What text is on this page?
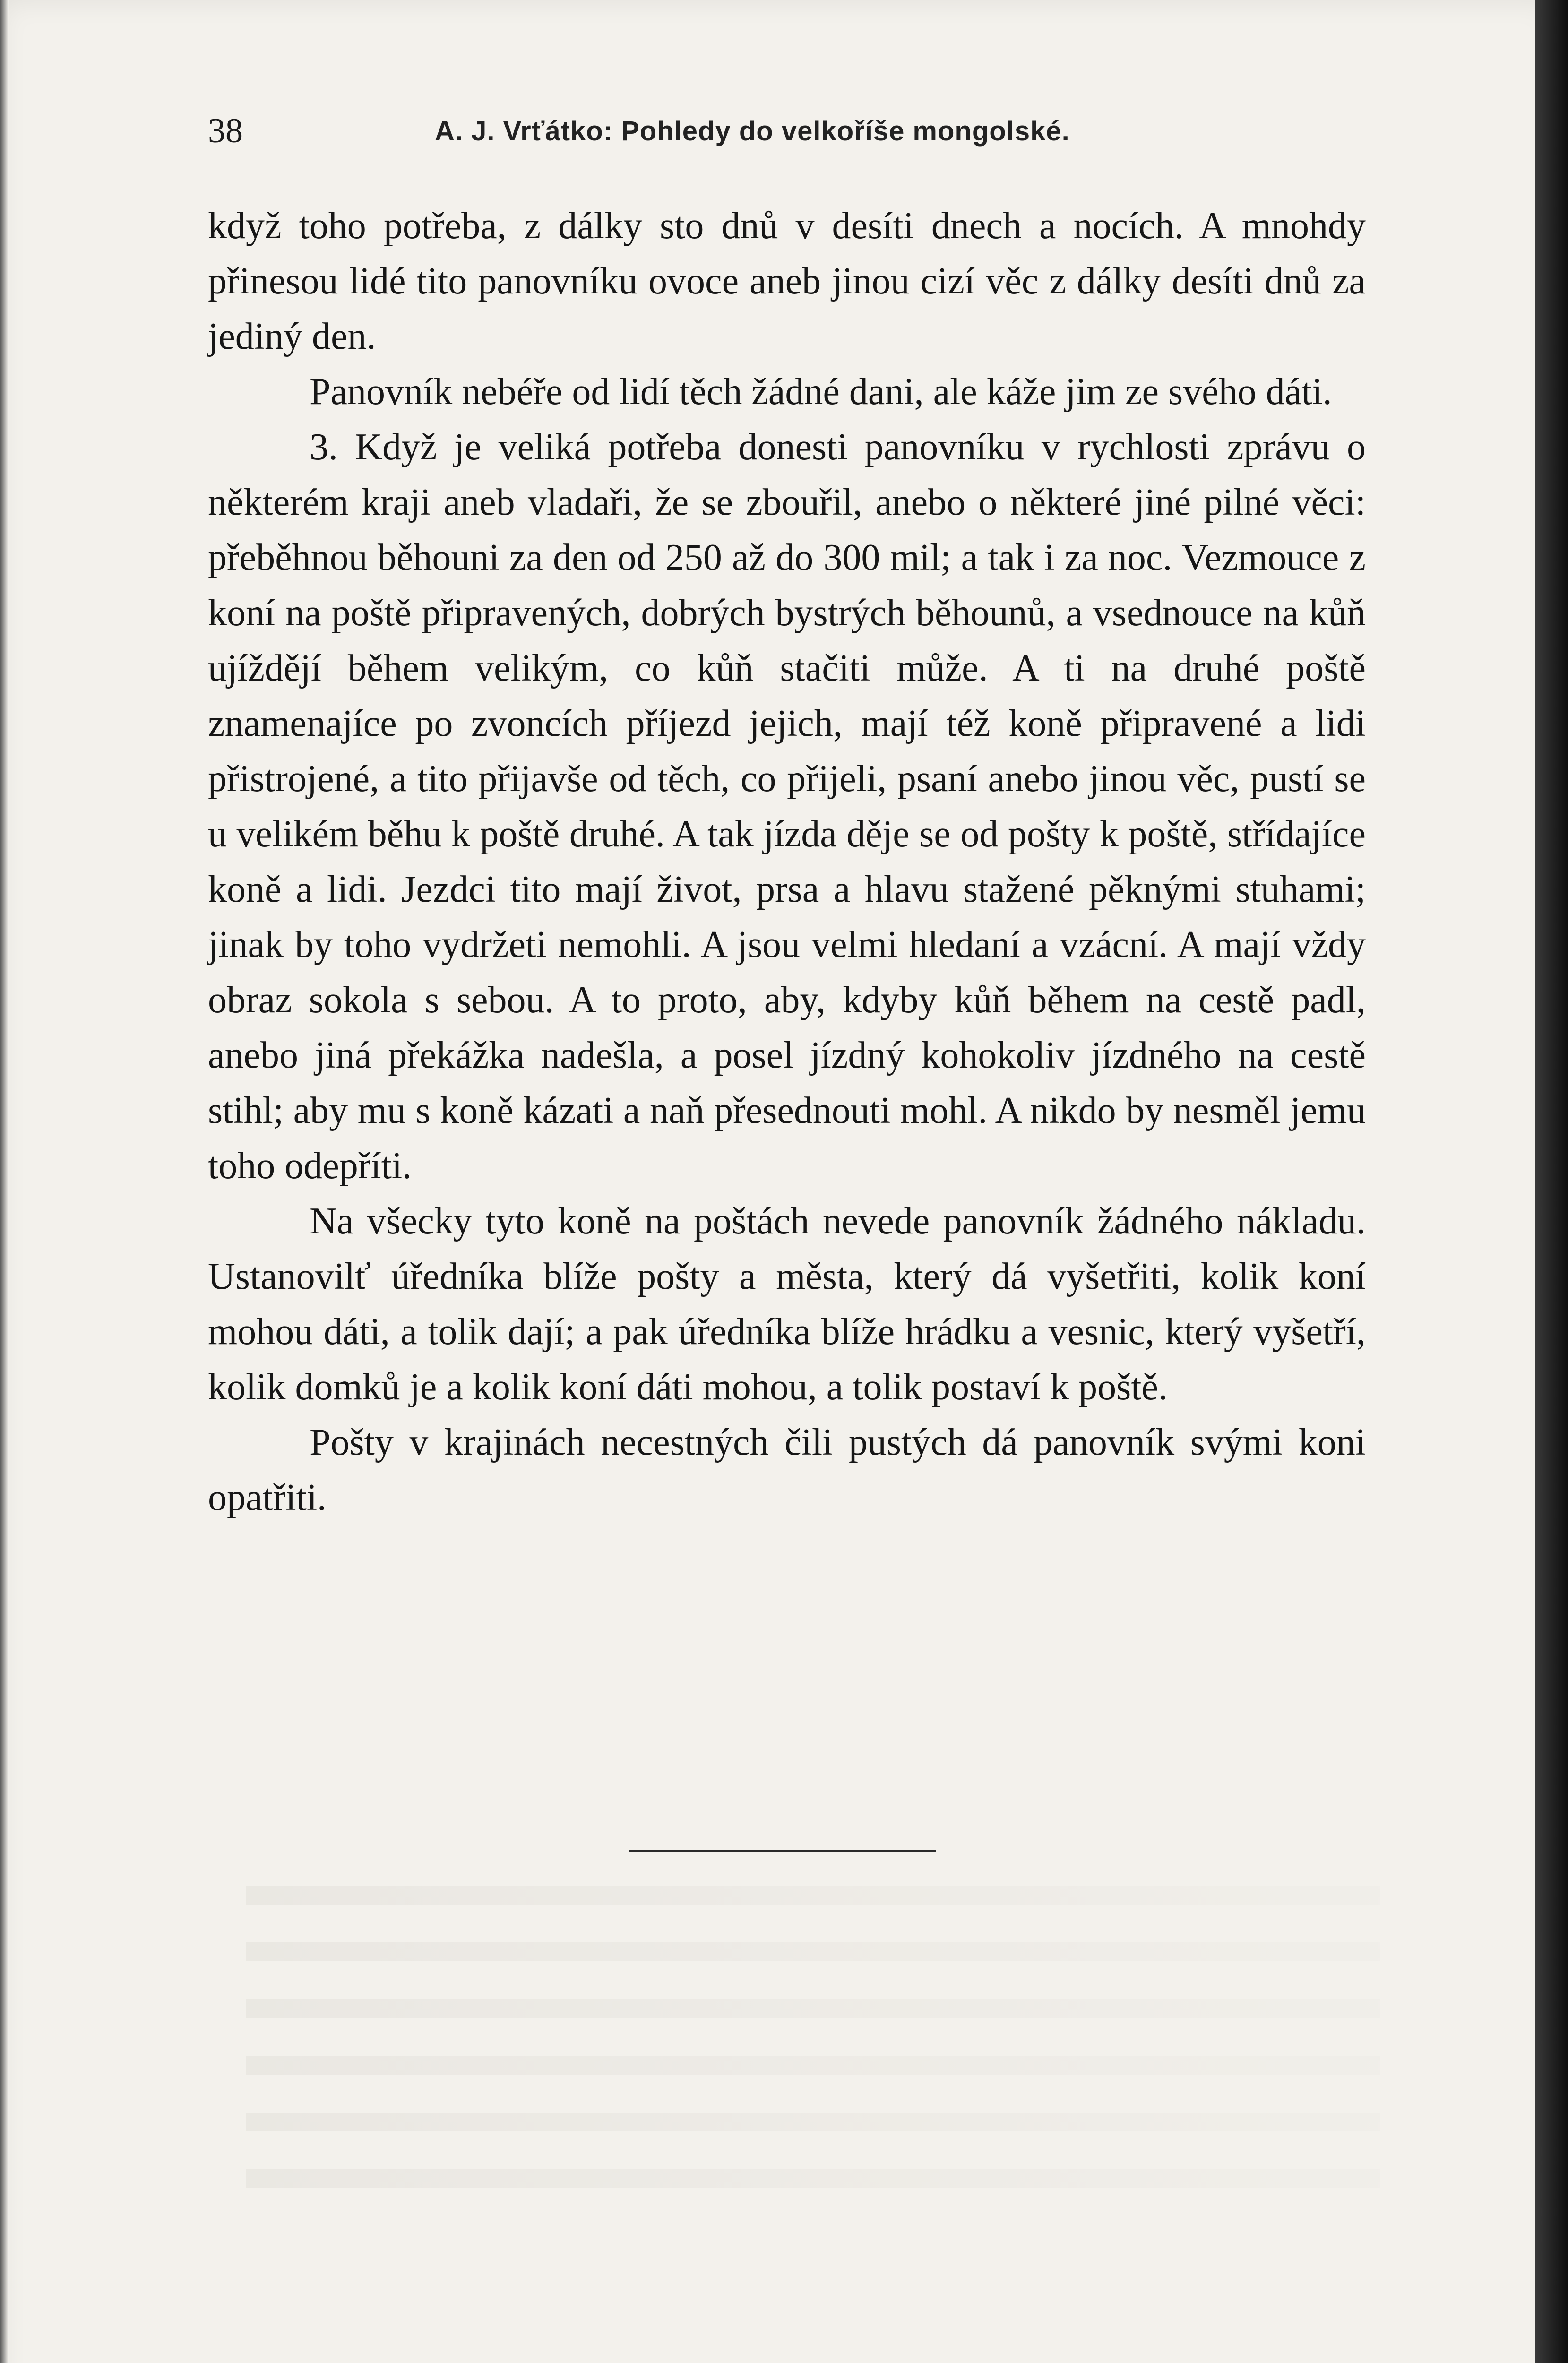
38	A. J. Vrťátko: Pohledy do velkoříše mongolské.

když toho potřeba, z dálky sto dnů v desíti dnech a nocích. A mnohdy přinesou lidé tito panovníku ovoce aneb jinou cizí věc z dálky desíti dnů za jediný den.

Panovník nebéře od lidí těch žádné dani, ale káže jim ze svého dáti.

3. Když je veliká potřeba donesti panovníku v rychlosti zprávu o některém kraji aneb vladaři, že se zbouřil, anebo o některé jiné pilné věci: přeběhnou běhouni za den od 250 až do 300 mil; a tak i za noc. Vezmouce z koní na poště připravených, dobrých bystrých běhounů, a vsednouce na kůň ujíždějí během velikým, co kůň stačiti může. A ti na druhé poště znamenajíce po zvoncích příjezd jejich, mají též koně připravené a lidi přistrojené, a tito přijavše od těch, co přijeli, psaní anebo jinou věc, pustí se u velikém běhu k poště druhé. A tak jízda děje se od pošty k poště, střídajíce koně a lidi. Jezdci tito mají život, prsa a hlavu stažené pěknými stuhami; jinak by toho vydržeti nemohli. A jsou velmi hledaní a vzácní. A mají vždy obraz sokola s sebou. A to proto, aby, kdyby kůň během na cestě padl, anebo jiná překážka nadešla, a posel jízdný kohokoliv jízdného na cestě stihl; aby mu s koně kázati a naň přesednouti mohl. A nikdo by nesměl jemu toho odepříti.

Na všecky tyto koně na poštách nevede panovník žádného nákladu. Ustanovilť úředníka blíže pošty a města, který dá vyšetřiti, kolik koní mohou dáti, a tolik dají; a pak úředníka blíže hrádku a vesnic, který vyšetří, kolik domků je a kolik koní dáti mohou, a tolik postaví k poště.

Pošty v krajinách necestných čili pustých dá panovník svými koni opatřiti.
